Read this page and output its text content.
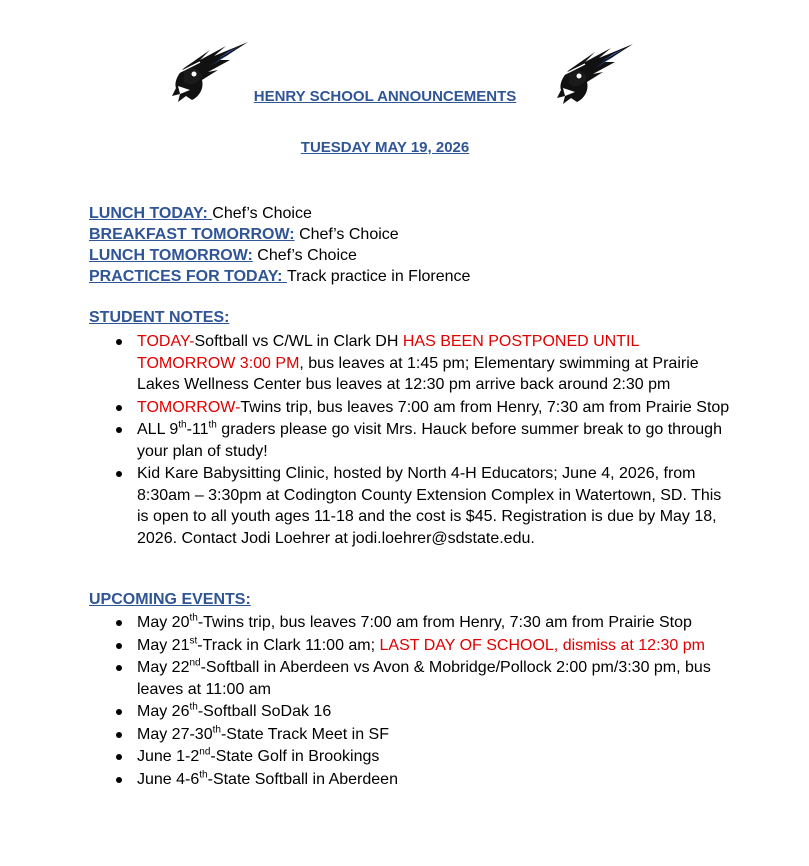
HENRY SCHOOL ANNOUNCEMENTS
TUESDAY MAY 19, 2026
LUNCH TODAY: Chef’s Choice
BREAKFAST TOMORROW: Chef’s Choice
LUNCH TOMORROW: Chef’s Choice
PRACTICES FOR TODAY: Track practice in Florence
STUDENT NOTES:
TODAY-Softball vs C/WL in Clark DH HAS BEEN POSTPONED UNTIL TOMORROW 3:00 PM, bus leaves at 1:45 pm; Elementary swimming at Prairie Lakes Wellness Center bus leaves at 12:30 pm arrive back around 2:30 pm
TOMORROW-Twins trip, bus leaves 7:00 am from Henry, 7:30 am from Prairie Stop
ALL 9th-11th graders please go visit Mrs. Hauck before summer break to go through your plan of study!
Kid Kare Babysitting Clinic, hosted by North 4-H Educators; June 4, 2026, from 8:30am – 3:30pm at Codington County Extension Complex in Watertown, SD. This is open to all youth ages 11-18 and the cost is $45. Registration is due by May 18, 2026. Contact Jodi Loehrer at jodi.loehrer@sdstate.edu.
UPCOMING EVENTS:
May 20th-Twins trip, bus leaves 7:00 am from Henry, 7:30 am from Prairie Stop
May 21st-Track in Clark 11:00 am; LAST DAY OF SCHOOL, dismiss at 12:30 pm
May 22nd-Softball in Aberdeen vs Avon & Mobridge/Pollock 2:00 pm/3:30 pm, bus leaves at 11:00 am
May 26th-Softball SoDak 16
May 27-30th-State Track Meet in SF
June 1-2nd-State Golf in Brookings
June 4-6th-State Softball in Aberdeen
